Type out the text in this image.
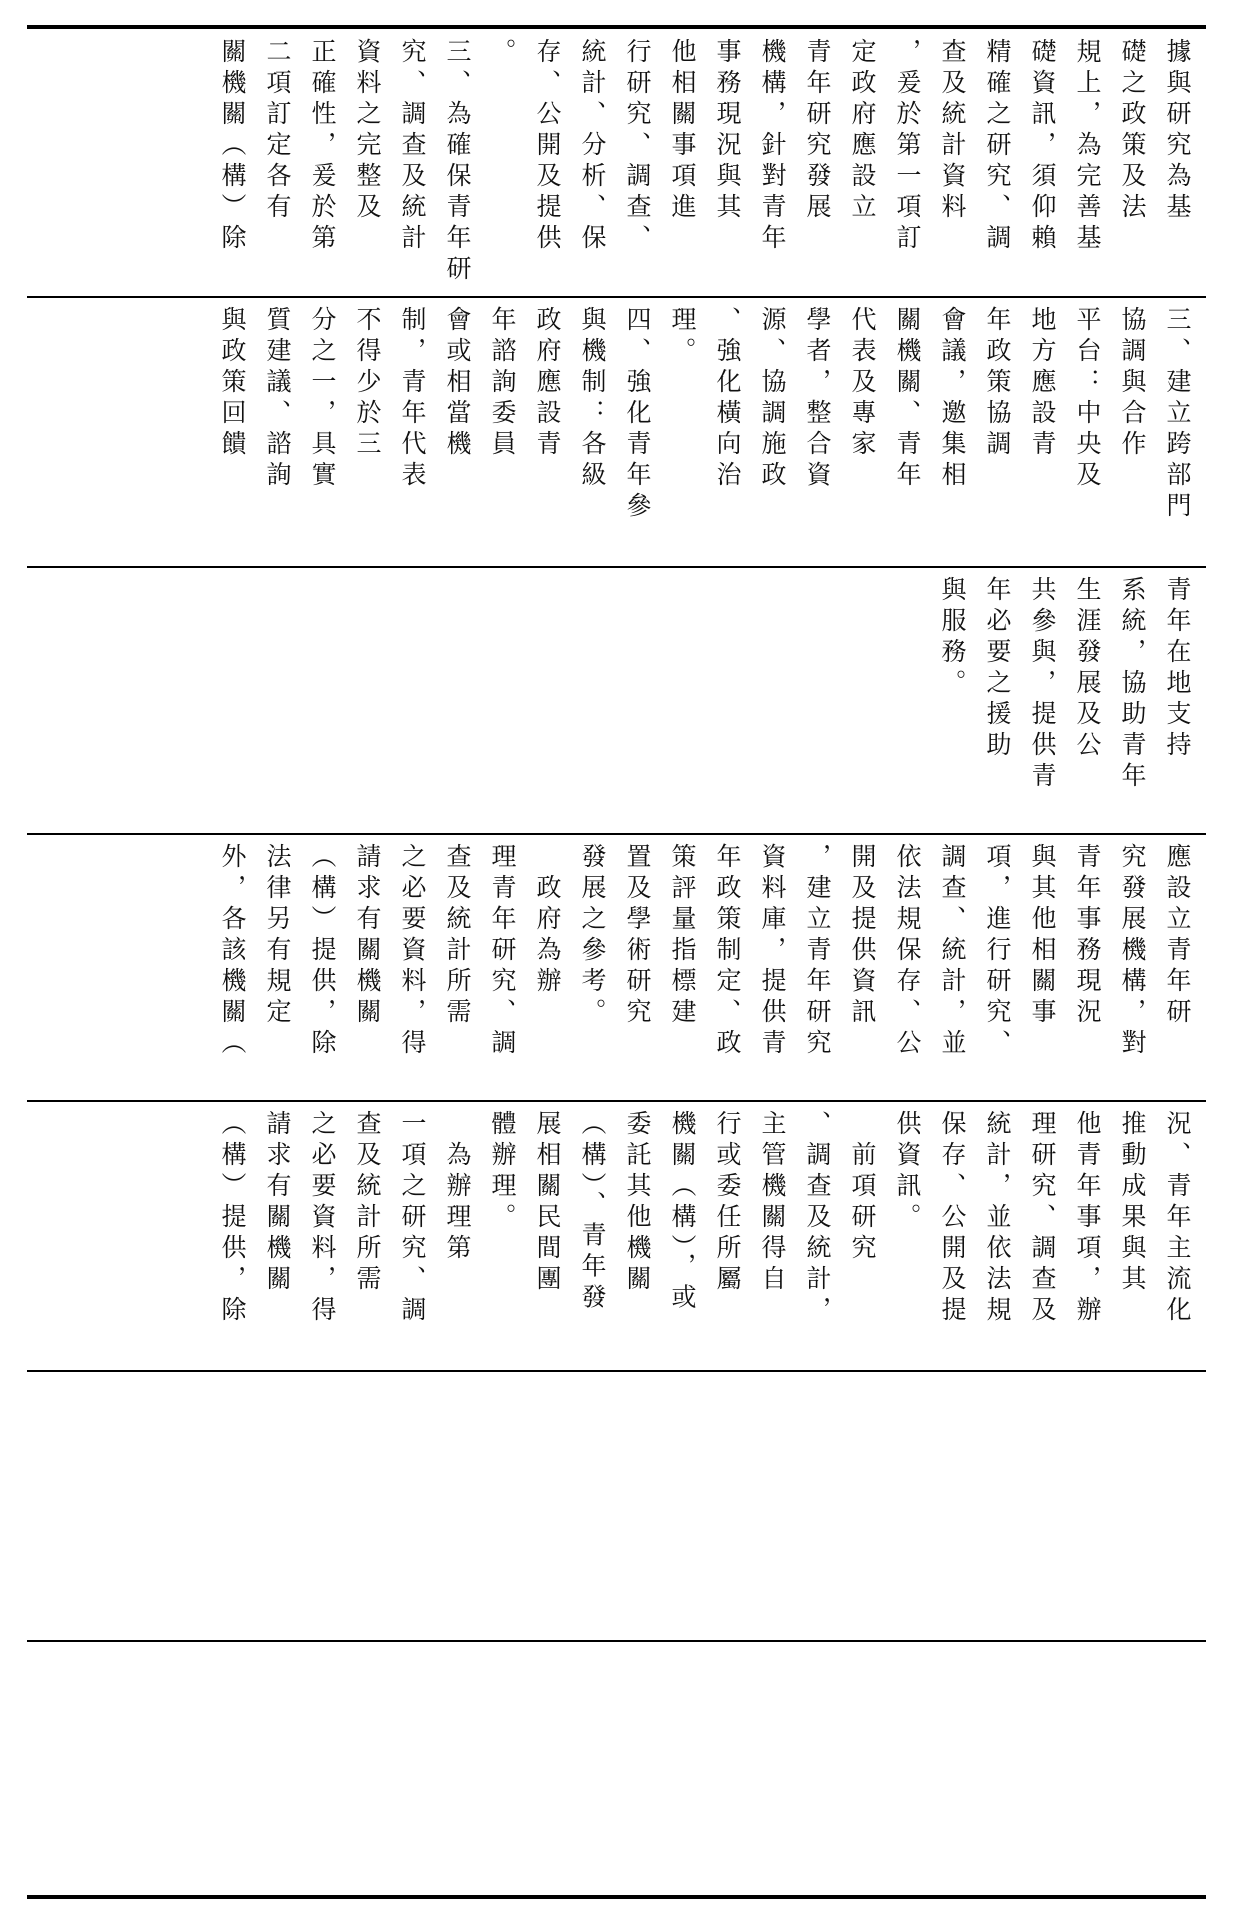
據與研究為基
礎之政策及法
規上，為完善基
礎資訊，須仰賴
精確之研究、調
查及統計資料
，爰於第一項訂
定政府應設立
青年研究發展
機構，針對青年
事務現況與其
他相關事項進
行研究、調查、
統計、分析、保
存、公開及提供
。
三、為確保青年研
究、調查及統計
資料之完整及
正確性，爰於第
二項訂定各有
關機關（構）除

三、建立跨部門
協調與合作
平台：中央及
地方應設青
年政策協調
會議，邀集相
關機關、青年
代表及專家
學者，整合資
源、協調施政
、強化橫向治
理。
四、強化青年參
與機制：各級
政府應設青
年諮詢委員
會或相當機
制，青年代表
不得少於三
分之一，具實
質建議、諮詢
與政策回饋

青年在地支持
系統，協助青年
生涯發展及公
共參與，提供青
年必要之援助
與服務。

應設立青年研
究發展機構，對
青年事務現況
與其他相關事
項，進行研究、
調查、統計，並
依法規保存、公
開及提供資訊
，建立青年研究
資料庫，提供青
年政策制定、政
策評量指標建
置及學術研究
發展之參考。
　政府為辦
理青年研究、調
查及統計所需
之必要資料，得
請求有關機關
（構）提供，除
法律另有規定
外，各該機關（

況、青年主流化
推動成果與其
他青年事項，辦
理研究、調查及
統計，並依法規
保存、公開及提
供資訊。
　前項研究
、調查及統計，
主管機關得自
行或委任所屬
機關（構），或
委託其他機關
（構）、青年發
展相關民間團
體辦理。
　為辦理第
一項之研究、調
查及統計所需
之必要資料，得
請求有關機關
（構）提供，除
